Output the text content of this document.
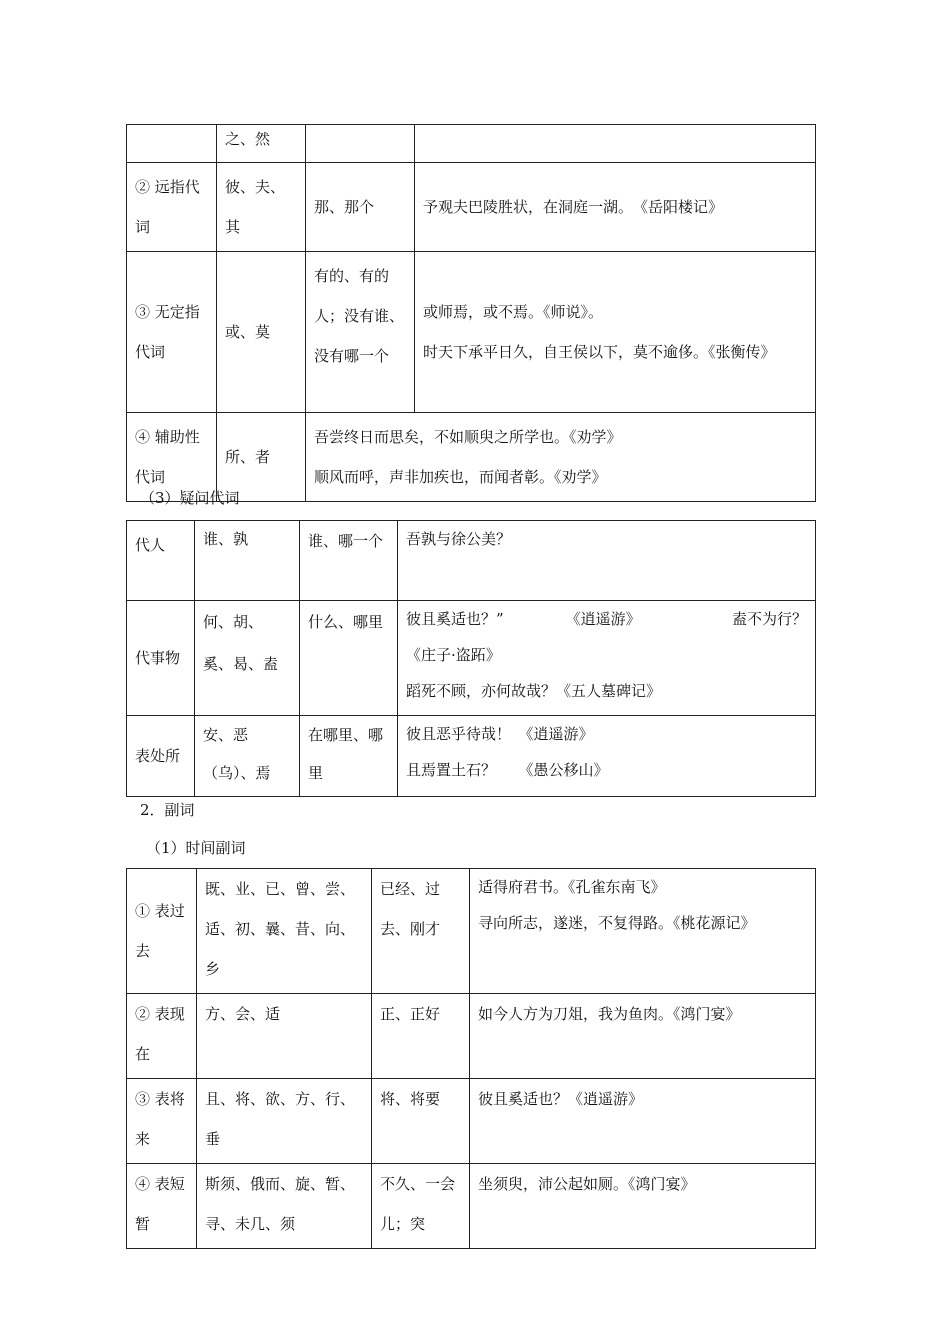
	之、然		
② 远指代词	彼、夫、其	那、那个	予观夫巴陵胜状，在洞庭一湖。　《岳阳楼记》
③ 无定指代词	或、莫	有的、有的人；没有谁、没有哪一个	或师焉，或不焉。《师说》。
时天下承平日久，自王侯以下，莫不逾侈。《张衡传》

④ 辅助性代词	所、者	吾尝终日而思矣，不如顺臾之所学也。《劝学》
顺风而呼，声非加疾也，而闻者彰。《劝学》	
（3）疑问代词
代人	谁、孰	谁、哪一个	吾孰与徐公美？
代事物	何、胡、奚、曷、盍	什么、哪里	彼且奚适也？” 《逍遥游》 盍不为行？
《庄子·盗跖》
蹈死不顾，亦何故哉？《五人墓碑记》

表处所	安、恶（乌）、焉	在哪里、哪里	彼且恶乎待哉！　《逍遥游》
且焉置土石？　　《愚公移山》
2．副词
（1）时间副词
① 表过去	既、业、已、曾、尝、适、初、曩、昔、向、乡	已经、过去、刚才	适得府君书。《孔雀东南飞》
寻向所志，遂迷，不复得路。《桃花源记》

② 表现在	方、会、适	正、正好	如今人方为刀俎，我为鱼肉。《鸿门宴》
③ 表将来	且、将、欲、方、行、垂	将、将要	彼且奚适也？《逍遥游》
④ 表短暂	斯须、俄而、旋、暂、寻、未几、须	不久、一会儿；突	坐须臾，沛公起如厕。《鸿门宴》
